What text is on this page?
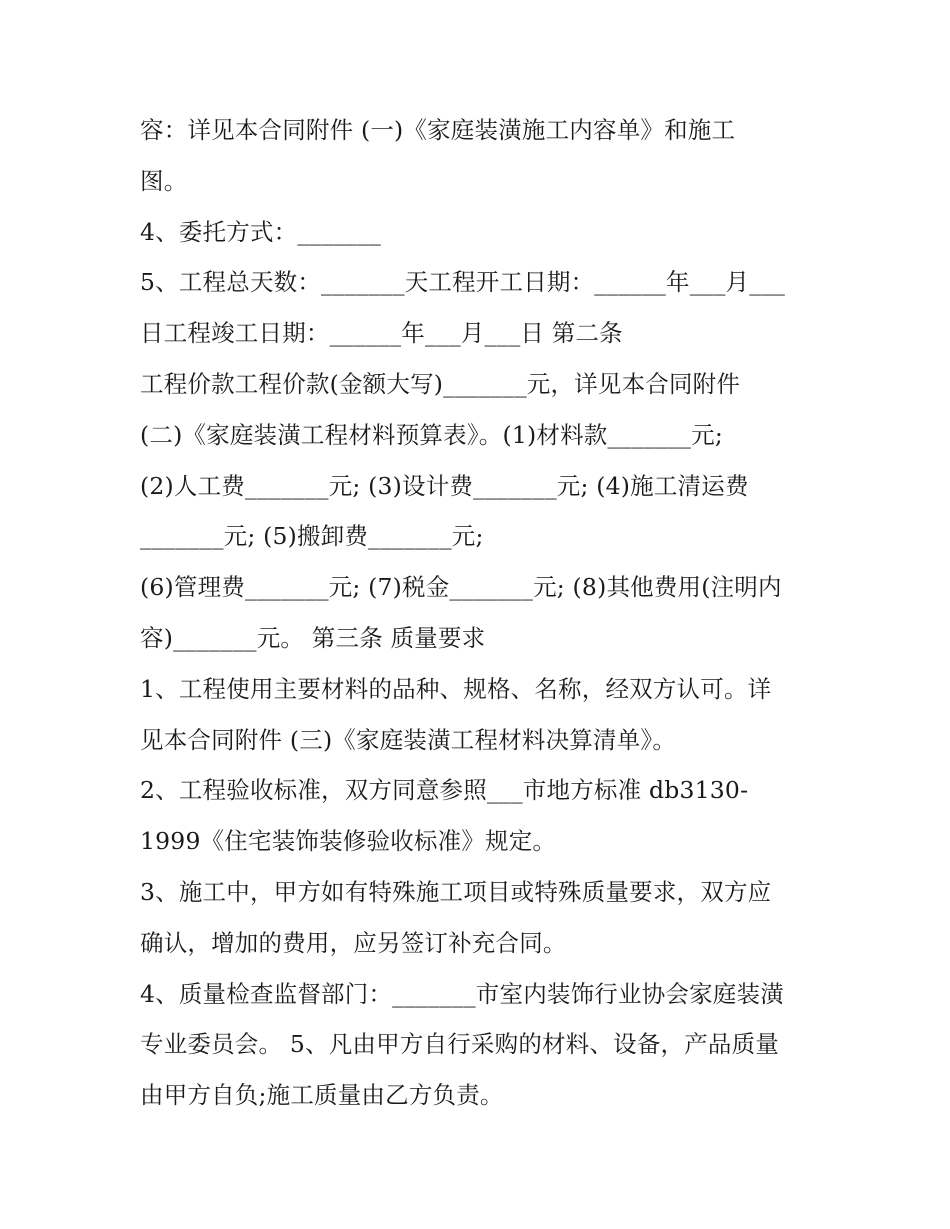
容：详见本合同附件 (一)《家庭装潢施工内容单》和施工
图。
4、委托方式：_______
5、工程总天数：_______天工程开工日期：______年___月___
日工程竣工日期：______年___月___日 第二条
工程价款工程价款(金额大写)_______元，详见本合同附件
(二)《家庭装潢工程材料预算表》。(1)材料款_______元;
(2)人工费_______元; (3)设计费_______元; (4)施工清运费
_______元; (5)搬卸费_______元;
(6)管理费_______元; (7)税金_______元; (8)其他费用(注明内
容)_______元。 第三条 质量要求
1、工程使用主要材料的品种、规格、名称，经双方认可。详
见本合同附件 (三)《家庭装潢工程材料决算清单》。
2、工程验收标准，双方同意参照___市地方标准 db3130-
1999《住宅装饰装修验收标准》规定。
3、施工中，甲方如有特殊施工项目或特殊质量要求，双方应
确认，增加的费用，应另签订补充合同。
4、质量检查监督部门：_______市室内装饰行业协会家庭装潢
专业委员会。 5、凡由甲方自行采购的材料、设备，产品质量
由甲方自负;施工质量由乙方负责。
